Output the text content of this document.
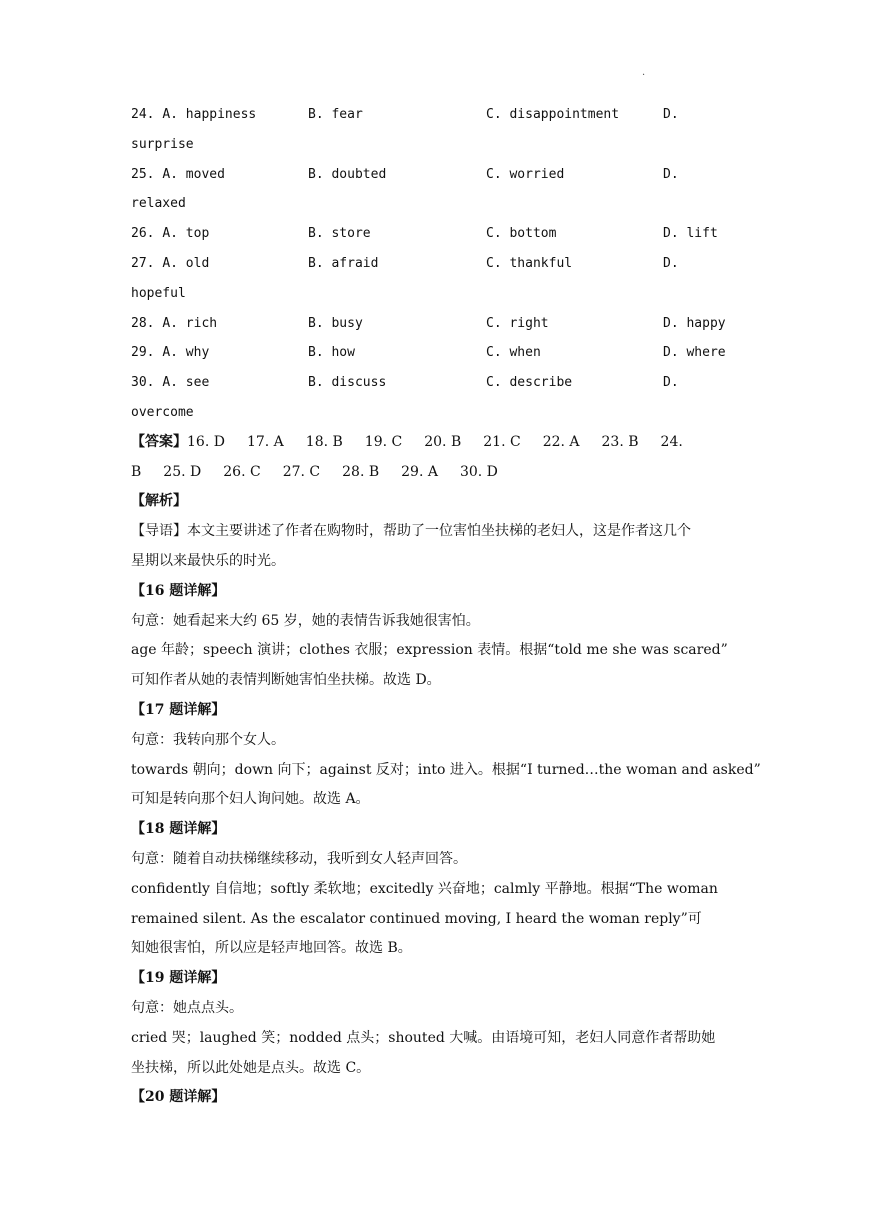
·
24. A. happiness	B. fear	C. disappointment	D.
surprise
25. A. moved	B. doubted	C. worried	D.
relaxed
26. A. top	B. store	C. bottom	D. lift
27. A. old	B. afraid	C. thankful	D.
hopeful
28. A. rich	B. busy	C. right	D. happy
29. A. why	B. how	C. when	D. where
30. A. see	B. discuss	C. describe	D.
overcome
【答案】16. D 17. A 18. B 19. C 20. B 21. C 22. A 23. B 24.
B 25. D 26. C 27. C 28. B 29. A 30. D
【解析】
【导语】本文主要讲述了作者在购物时，帮助了一位害怕坐扶梯的老妇人，这是作者这几个
星期以来最快乐的时光。
【16 题详解】
句意：她看起来大约 65 岁，她的表情告诉我她很害怕。
age 年龄；speech 演讲；clothes 衣服；expression 表情。根据“told me she was scared”
可知作者从她的表情判断她害怕坐扶梯。故选 D。
【17 题详解】
句意：我转向那个女人。
towards 朝向；down 向下；against 反对；into 进入。根据“I turned…the woman and asked”
可知是转向那个妇人询问她。故选 A。
【18 题详解】
句意：随着自动扶梯继续移动，我听到女人轻声回答。
confidently 自信地；softly 柔软地；excitedly 兴奋地；calmly 平静地。根据“The woman
remained silent. As the escalator continued moving, I heard the woman reply”可
知她很害怕，所以应是轻声地回答。故选 B。
【19 题详解】
句意：她点点头。
cried 哭；laughed 笑；nodded 点头；shouted 大喊。由语境可知，老妇人同意作者帮助她
坐扶梯，所以此处她是点头。故选 C。
【20 题详解】
